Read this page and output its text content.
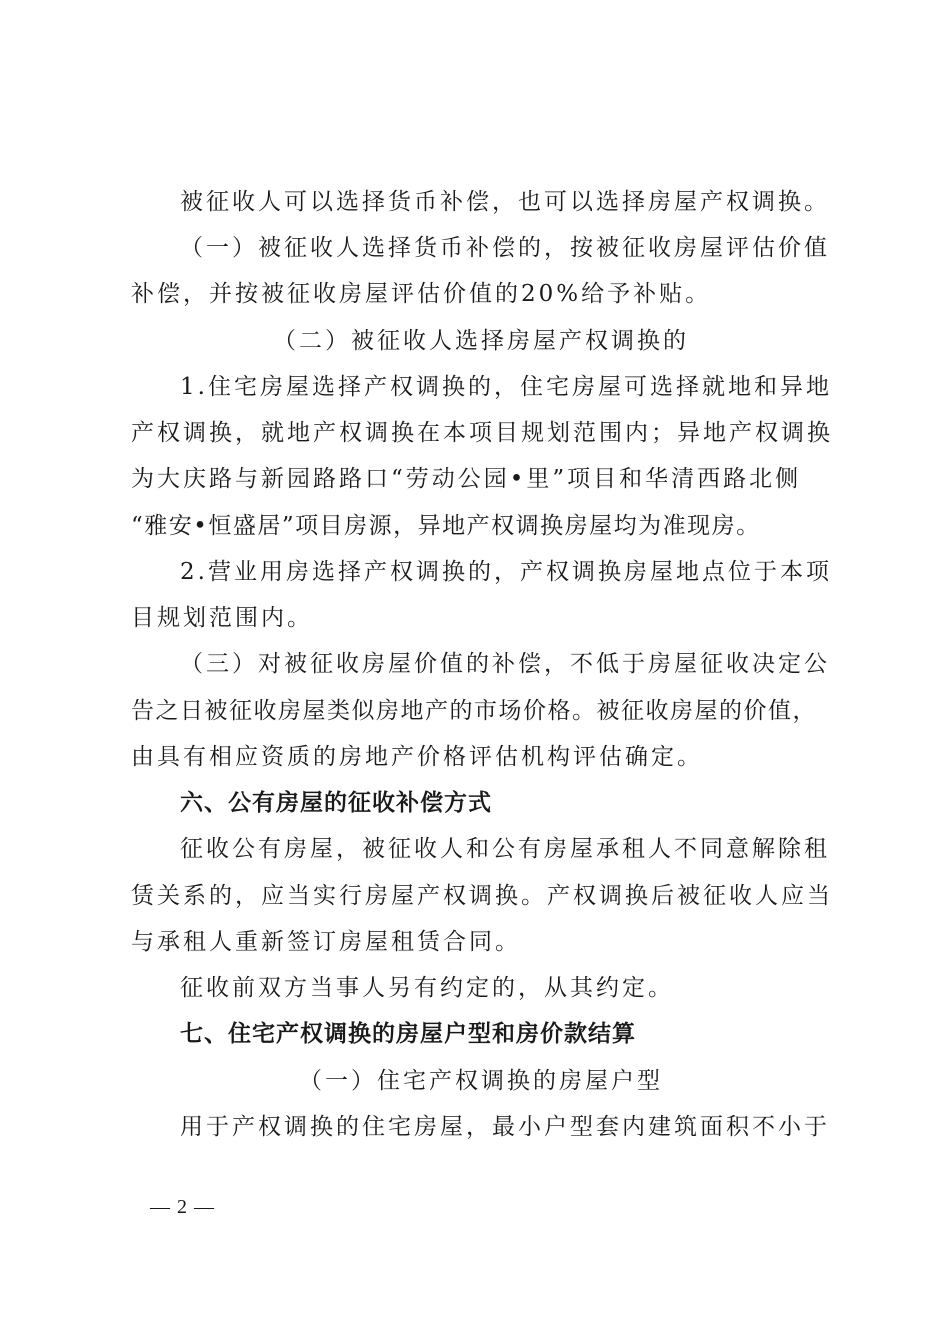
被征收人可以选择货币补偿，也可以选择房屋产权调换。
（一）被征收人选择货币补偿的，按被征收房屋评估价值
补偿，并按被征收房屋评估价值的20%给予补贴。
（二）被征收人选择房屋产权调换的
1.住宅房屋选择产权调换的，住宅房屋可选择就地和异地
产权调换，就地产权调换在本项目规划范围内；异地产权调换
为大庆路与新园路路口“劳动公园•里”项目和华清西路北侧
“雅安•恒盛居”项目房源，异地产权调换房屋均为准现房。
2.营业用房选择产权调换的，产权调换房屋地点位于本项
目规划范围内。
（三）对被征收房屋价值的补偿，不低于房屋征收决定公
告之日被征收房屋类似房地产的市场价格。被征收房屋的价值，
由具有相应资质的房地产价格评估机构评估确定。
六、公有房屋的征收补偿方式
征收公有房屋，被征收人和公有房屋承租人不同意解除租
赁关系的，应当实行房屋产权调换。产权调换后被征收人应当
与承租人重新签订房屋租赁合同。
征收前双方当事人另有约定的，从其约定。
七、住宅产权调换的房屋户型和房价款结算
（一）住宅产权调换的房屋户型
用于产权调换的住宅房屋，最小户型套内建筑面积不小于
— 2 —
